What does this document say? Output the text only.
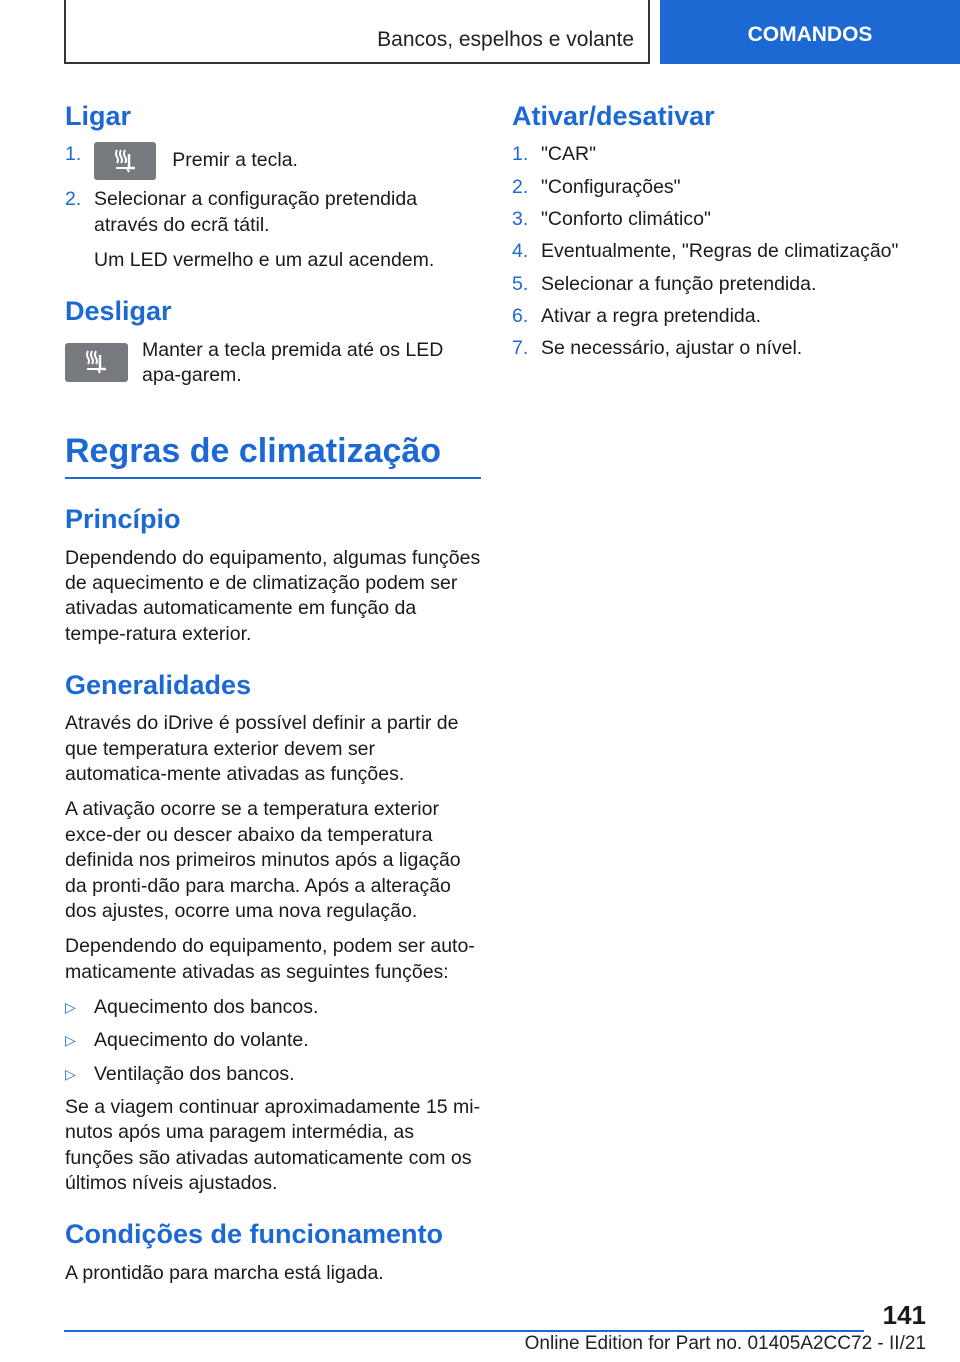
Bancos, espelhos e volante	COMANDOS
Ligar
1.	Premir a tecla.
2. Selecionar a configuração pretendida através do ecrã tátil.

Um LED vermelho e um azul acendem.

Desligar

Manter a tecla premida até os LED apa-garem.

Regras de climatização
Princípio

Dependendo do equipamento, algumas funções de aquecimento e de climatização podem ser ativadas automaticamente em função da tempe-ratura exterior.

Generalidades

Através do iDrive é possível definir a partir de que temperatura exterior devem ser automatica-mente ativadas as funções.

A ativação ocorre se a temperatura exterior exce-der ou descer abaixo da temperatura definida nos primeiros minutos após a ligação da pronti-dão para marcha. Após a alteração dos ajustes, ocorre uma nova regulação.

Dependendo do equipamento, podem ser auto-maticamente ativadas as seguintes funções:

▷ Aquecimento dos bancos.
▷ Aquecimento do volante.
▷ Ventilação dos bancos.

Se a viagem continuar aproximadamente 15 mi-nutos após uma paragem intermédia, as funções são ativadas automaticamente com os últimos níveis ajustados.

Condições de funcionamento

A prontidão para marcha está ligada.

Ativar/desativar
1. "CAR"
2. "Configurações"
3. "Conforto climático"
4. Eventualmente, "Regras de climatização"
5. Selecionar a função pretendida.
6. Ativar a regra pretendida.
7. Se necessário, ajustar o nível.
141
Online Edition for Part no. 01405A2CC72 - II/21
